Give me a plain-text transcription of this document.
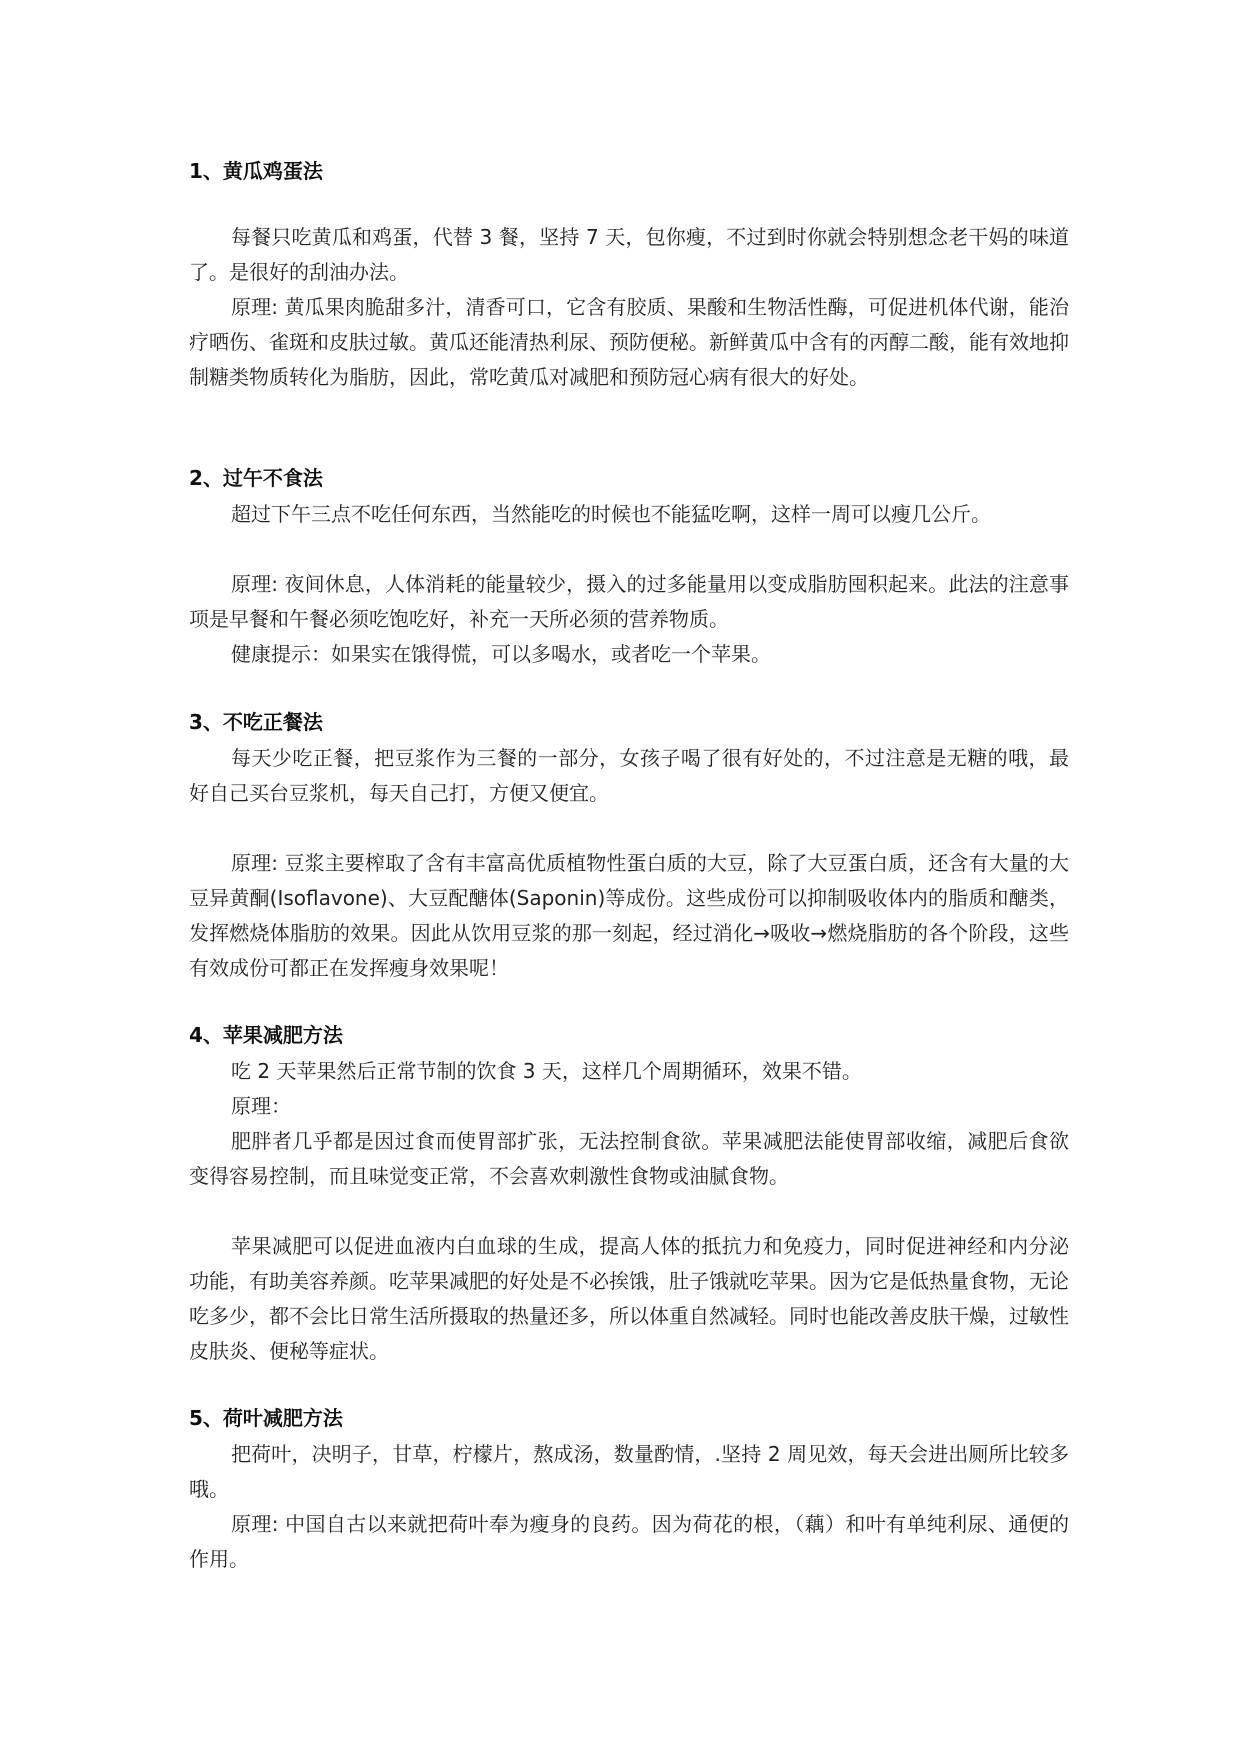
1、黄瓜鸡蛋法

每餐只吃黄瓜和鸡蛋，代替 3 餐，坚持 7 天，包你瘦，不过到时你就会特别想念老干妈的味道了。是很好的刮油办法。

原理: 黄瓜果肉脆甜多汁，清香可口，它含有胶质、果酸和生物活性酶，可促进机体代谢，能治疗晒伤、雀斑和皮肤过敏。黄瓜还能清热利尿、预防便秘。新鲜黄瓜中含有的丙醇二酸，能有效地抑制糖类物质转化为脂肪，因此，常吃黄瓜对减肥和预防冠心病有很大的好处。

2、过午不食法

超过下午三点不吃任何东西，当然能吃的时候也不能猛吃啊，这样一周可以瘦几公斤。

原理: 夜间休息，人体消耗的能量较少，摄入的过多能量用以变成脂肪囤积起来。此法的注意事项是早餐和午餐必须吃饱吃好，补充一天所必须的营养物质。

健康提示：如果实在饿得慌，可以多喝水，或者吃一个苹果。

3、不吃正餐法

每天少吃正餐，把豆浆作为三餐的一部分，女孩子喝了很有好处的，不过注意是无糖的哦，最好自己买台豆浆机，每天自己打，方便又便宜。

原理: 豆浆主要榨取了含有丰富高优质植物性蛋白质的大豆，除了大豆蛋白质，还含有大量的大豆异黄酮(Isoflavone)、大豆配醣体(Saponin)等成份。这些成份可以抑制吸收体内的脂质和醣类，发挥燃烧体脂肪的效果。因此从饮用豆浆的那一刻起，经过消化→吸收→燃烧脂肪的各个阶段，这些有效成份可都正在发挥瘦身效果呢！

4、苹果减肥方法

吃 2 天苹果然后正常节制的饮食 3 天，这样几个周期循环，效果不错。

原理：

肥胖者几乎都是因过食而使胃部扩张，无法控制食欲。苹果减肥法能使胃部收缩，减肥后食欲变得容易控制，而且味觉变正常，不会喜欢刺激性食物或油腻食物。

苹果减肥可以促进血液内白血球的生成，提高人体的抵抗力和免疫力，同时促进神经和内分泌功能，有助美容养颜。吃苹果减肥的好处是不必挨饿，肚子饿就吃苹果。因为它是低热量食物，无论吃多少，都不会比日常生活所摄取的热量还多，所以体重自然减轻。同时也能改善皮肤干燥，过敏性皮肤炎、便秘等症状。

5、荷叶减肥方法

把荷叶，决明子，甘草，柠檬片，熬成汤，数量酌情，.坚持 2 周见效，每天会进出厕所比较多哦。

原理: 中国自古以来就把荷叶奉为瘦身的良药。因为荷花的根，（藕）和叶有单纯利尿、通便的作用。
